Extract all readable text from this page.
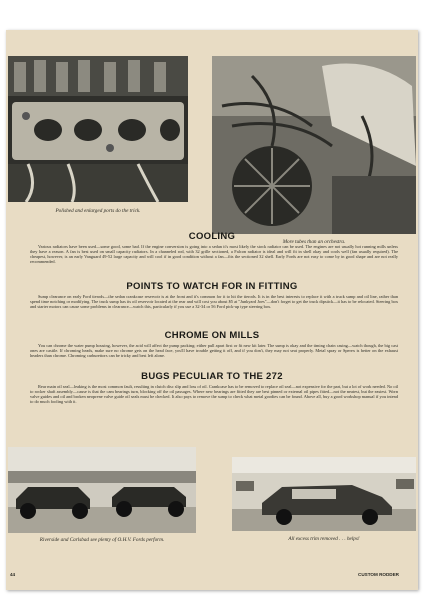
Polished and enlarged ports do the trick.
More tubes than an orchestra.
COOLING
Various radiators have been used—some good, some bad. If the engine conversion is going into a sedan it's most likely the stock radiator can be used. The engines are not usually hot running mills unless they have a reason. A fan is best used on small capacity radiators. In a channeled rod, with 32 grille sectioned, a Falcon radiator is ideal and will fit in shell okay and cools well (fan usually required). The cheapest, however, is an early Vanguard 49-52 large capacity and will cool if in good condition without a fan—fits the sectioned 32 shell. Early Fords are not easy to come by in good shape and are not really recommended.
POINTS TO WATCH FOR IN FITTING
Sump clearance on early Ford tierods—the sedan crankcase reservoir is at the front and it's common for it to hit the tierods. It is in the best interests to replace it with a truck sump and oil line, rather than spend time notching or modifying. The truck sump has its oil reservoir located at the rear and will cost you about $5 at "Junkyard Joes"—don't forget to get the truck dipstick—it has to be relocated. Steering box and starter motors can cause some problems in clearance—watch this, particularly if you use a 32-34 or 56 Ford pick-up type steering box.
CHROME ON MILLS
You can chrome the water pump housing, however, the acid will affect the pump packing; either pull apart first or fit new kit later. The sump is okay and the timing chain casing—watch though, the big cast ones are castile. If chroming heads, make sure no chrome gets on the head face, you'll have trouble getting it off, and if you don't, they may not seat properly. Metal spray or Sperex is better on the exhaust headers than chrome. Chroming carburettors can be tricky and best left alone.
BUGS PECULIAR TO THE 272
Rear main oil seal—leaking is the most common fault, resulting in clutch disc slip and loss of oil. Crankcase has to be removed to replace oil seal—not expensive for the part, but a lot of work needed. No oil to rocker shaft assembly—cause is that the cam bearings turn, blocking off the oil passages. Where new bearings are fitted they are best pinned or external oil pipes fitted—not the neatest, but the easiest. Worn valve guides and oil and broken neoprene valve guide oil seals must be checked. It also pays to remove the sump to check what metal goodies can be found. Above all, buy a good workshop manual if you intend to do much fooling with it.
Riverside and Carlsbad see plenty of O.H.V. Fords perform.	All excess trim removed . . . helps!
44	CUSTOM RODDER
